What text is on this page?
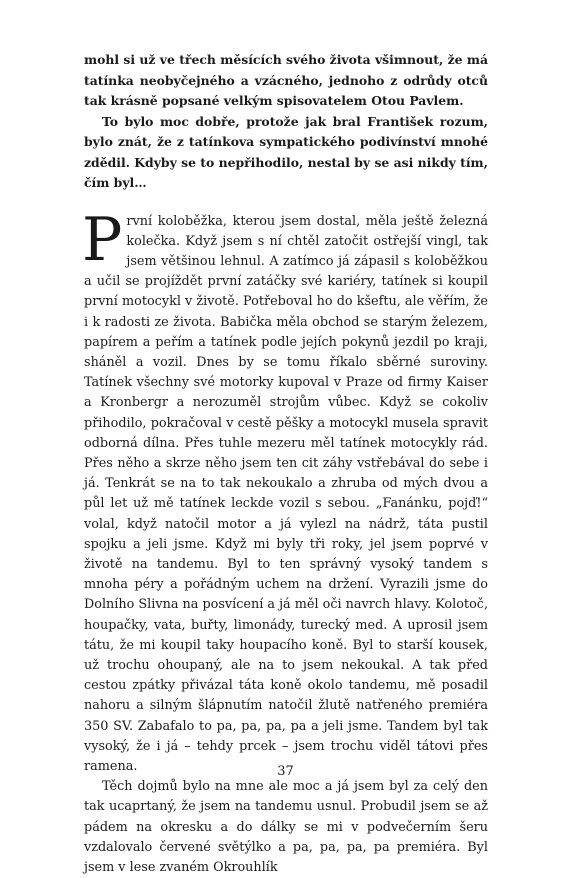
mohl si už ve třech měsících svého života všimnout, že má tatínka neobyčejného a vzácného, jednoho z odrůdy otců tak krásně popsané velkým spisovatelem Otou Pavlem.

To bylo moc dobře, protože jak bral František rozum, bylo znát, že z tatínkova sympatického podivínství mnohé zdědil. Kdyby se to nepřihodilo, nestal by se asi nikdy tím, čím byl…

První koloběžka, kterou jsem dostal, měla ještě železná kolečka. Když jsem s ní chtěl zatočit ostřejší vingl, tak jsem většinou lehnul. A zatímco já zápasil s koloběžkou a učil se projíždět první zatáčky své kariéry, tatínek si koupil první motocykl v životě. Potřeboval ho do kšeftu, ale věřím, že i k radosti ze života. Babička měla obchod se starým železem, papírem a peřím a tatínek podle jejích pokynů jezdil po kraji, sháněl a vozil. Dnes by se tomu říkalo sběrné suroviny. Tatínek všechny své motorky kupoval v Praze od firmy Kaiser a Kronbergr a nerozuměl strojům vůbec. Když se cokoliv přihodilo, pokračoval v cestě pěšky a motocykl musela spravit odborná dílna. Přes tuhle mezeru měl tatínek motocykly rád. Přes něho a skrze něho jsem ten cit záhy vstřebával do sebe i já. Tenkrát se na to tak nekoukalo a zhruba od mých dvou a půl let už mě tatínek leckde vozil s sebou. „Fanánku, pojď!“ volal, když natočil motor a já vylezl na nádrž, táta pustil spojku a jeli jsme. Když mi byly tři roky, jel jsem poprvé v životě na tandemu. Byl to ten správný vysoký tandem s mnoha péry a pořádným uchem na držení. Vyrazili jsme do Dolního Slivna na posvícení a já měl oči navrch hlavy. Kolotoč, houpačky, vata, buřty, limonády, turecký med. A uprosil jsem tátu, že mi koupil taky houpacího koně. Byl to starší kousek, už trochu ohoupaný, ale na to jsem nekoukal. A tak před cestou zpátky přivázal táta koně okolo tandemu, mě posadil nahoru a silným šlápnutím natočil žlutě natřeného premiéra 350 SV. Zabafalo to pa, pa, pa, pa a jeli jsme. Tandem byl tak vysoký, že i já – tehdy prcek – jsem trochu viděl tátovi přes ramena.

Těch dojmů bylo na mne ale moc a já jsem byl za celý den tak ucaprtaný, že jsem na tandemu usnul. Probudil jsem se až pádem na okresku a do dálky se mi v podvečerním šeru vzdalovalo červené světýlko a pa, pa, pa, pa premiéra. Byl jsem v lese zvaném Okrouhlík

37
